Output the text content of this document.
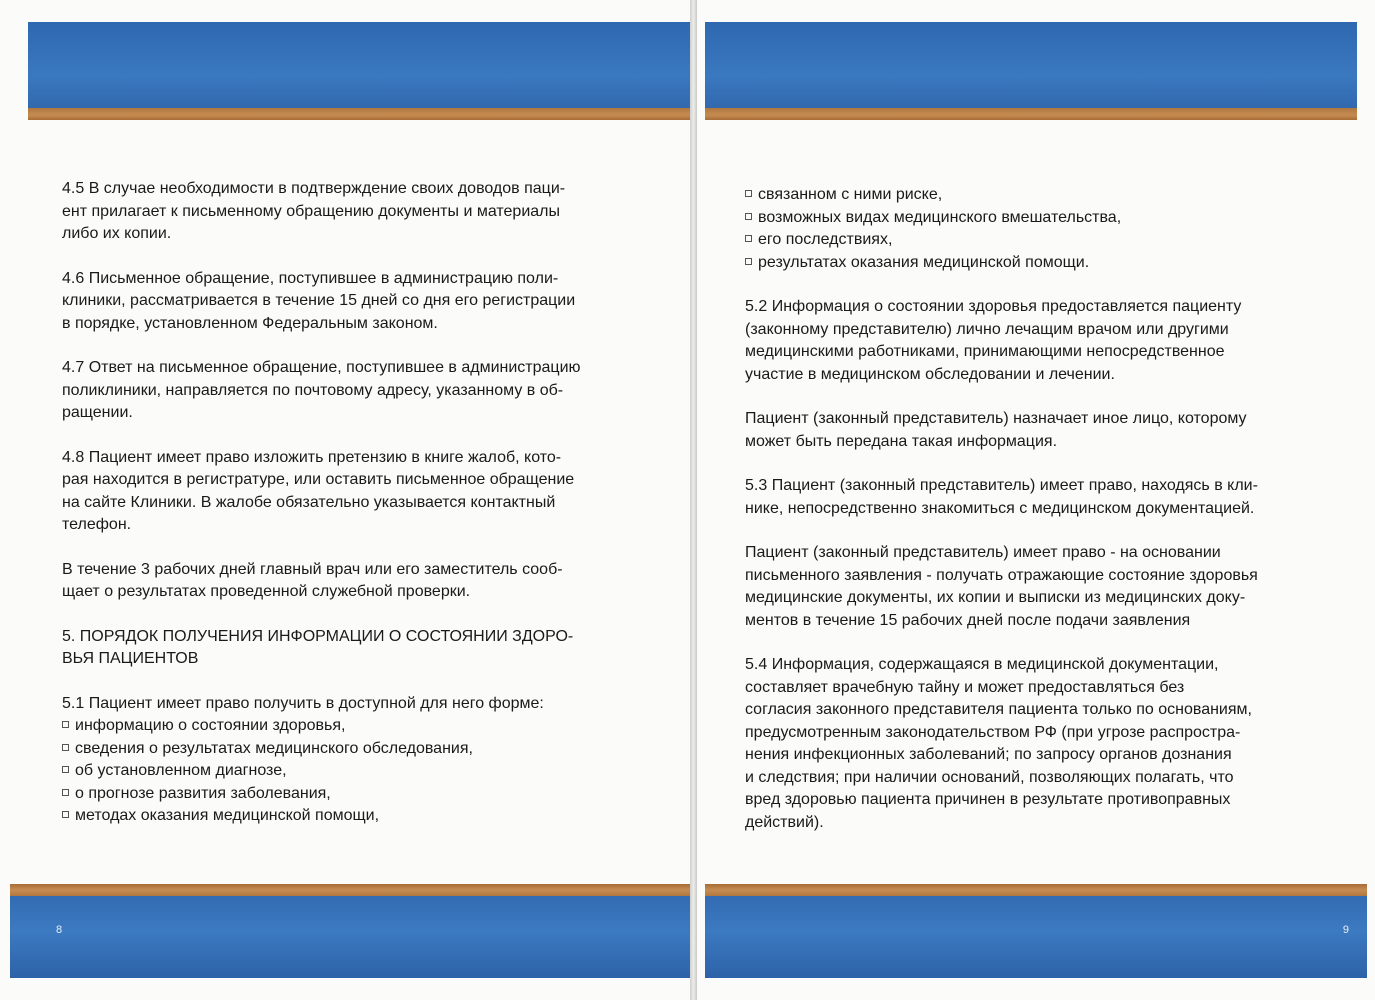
4.5 В случае необходимости в подтверждение своих доводов паци-
ент прилагает к письменному обращению документы и материалы
либо их копии.

4.6 Письменное обращение, поступившее в администрацию поли-
клиники, рассматривается в течение 15 дней со дня его регистрации
в порядке, установленном Федеральным законом.

4.7 Ответ на письменное обращение, поступившее в администрацию
поликлиники, направляется по почтовому адресу, указанному в об-
ращении.

4.8 Пациент имеет право изложить претензию в книге жалоб, кото-
рая находится в регистратуре, или оставить письменное обращение
на сайте Клиники. В жалобе обязательно указывается контактный
телефон.

В течение 3 рабочих дней главный врач или его заместитель сооб-
щает о результатах проведенной служебной проверки.

5. ПОРЯДОК ПОЛУЧЕНИЯ ИНФОРМАЦИИ О СОСТОЯНИИ ЗДОРО-
ВЬЯ ПАЦИЕНТОВ

5.1 Пациент имеет право получить в доступной для него форме:

информацию о состоянии здоровья,
сведения о результатах медицинского обследования,
об установленном диагнозе,
о прогнозе развития заболевания,
методах оказания медицинской помощи,
8
связанном с ними риске,
возможных видах медицинского вмешательства,
его последствиях,
результатах оказания медицинской помощи.

5.2 Информация о состоянии здоровья предоставляется пациенту
(законному представителю) лично лечащим врачом или другими
медицинскими работниками, принимающими непосредственное
участие в медицинском обследовании и лечении.

Пациент (законный представитель) назначает иное лицо, которому
может быть передана такая информация.

5.3 Пациент (законный представитель) имеет право, находясь в кли-
нике, непосредственно знакомиться с медицинском документацией.

Пациент (законный представитель) имеет право - на основании
письменного заявления - получать отражающие состояние здоровья
медицинские документы, их копии и выписки из медицинских доку-
ментов в течение 15 рабочих дней после подачи заявления

5.4 Информация, содержащаяся в медицинской документации,
составляет врачебную тайну и может предоставляться без
согласия законного представителя пациента только по основаниям,
предусмотренным законодательством РФ (при угрозе распростра-
нения инфекционных заболеваний; по запросу органов дознания
и следствия; при наличии оснований, позволяющих полагать, что
вред здоровью пациента причинен в результате противоправных
действий).

9
